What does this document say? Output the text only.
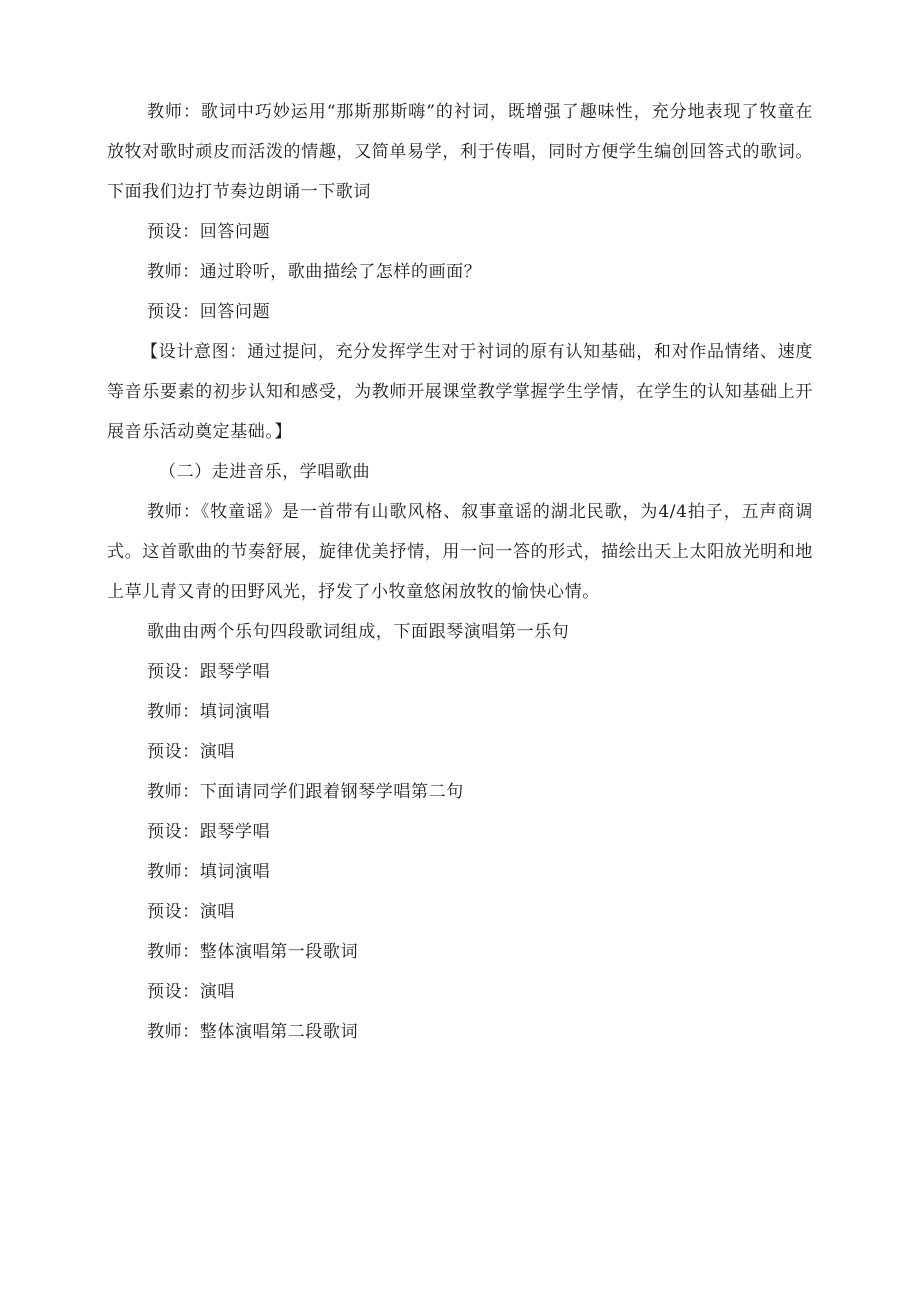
教师：歌词中巧妙运用“那斯那斯嗨”的衬词，既增强了趣味性，充分地表现了牧童在放牧对歌时顽皮而活泼的情趣，又简单易学，利于传唱，同时方便学生编创回答式的歌词。下面我们边打节奏边朗诵一下歌词

预设：回答问题

教师：通过聆听，歌曲描绘了怎样的画面？

预设：回答问题

【设计意图：通过提问，充分发挥学生对于衬词的原有认知基础，和对作品情绪、速度等音乐要素的初步认知和感受，为教师开展课堂教学掌握学生学情，在学生的认知基础上开展音乐活动奠定基础。】

（二）走进音乐，学唱歌曲

教师：《牧童谣》是一首带有山歌风格、叙事童谣的湖北民歌，为4/4拍子，五声商调式。这首歌曲的节奏舒展，旋律优美抒情，用一问一答的形式，描绘出天上太阳放光明和地上草儿青又青的田野风光，抒发了小牧童悠闲放牧的愉快心情。

歌曲由两个乐句四段歌词组成，下面跟琴演唱第一乐句

预设：跟琴学唱

教师：填词演唱

预设：演唱

教师：下面请同学们跟着钢琴学唱第二句

预设：跟琴学唱

教师：填词演唱

预设：演唱

教师：整体演唱第一段歌词

预设：演唱

教师：整体演唱第二段歌词
